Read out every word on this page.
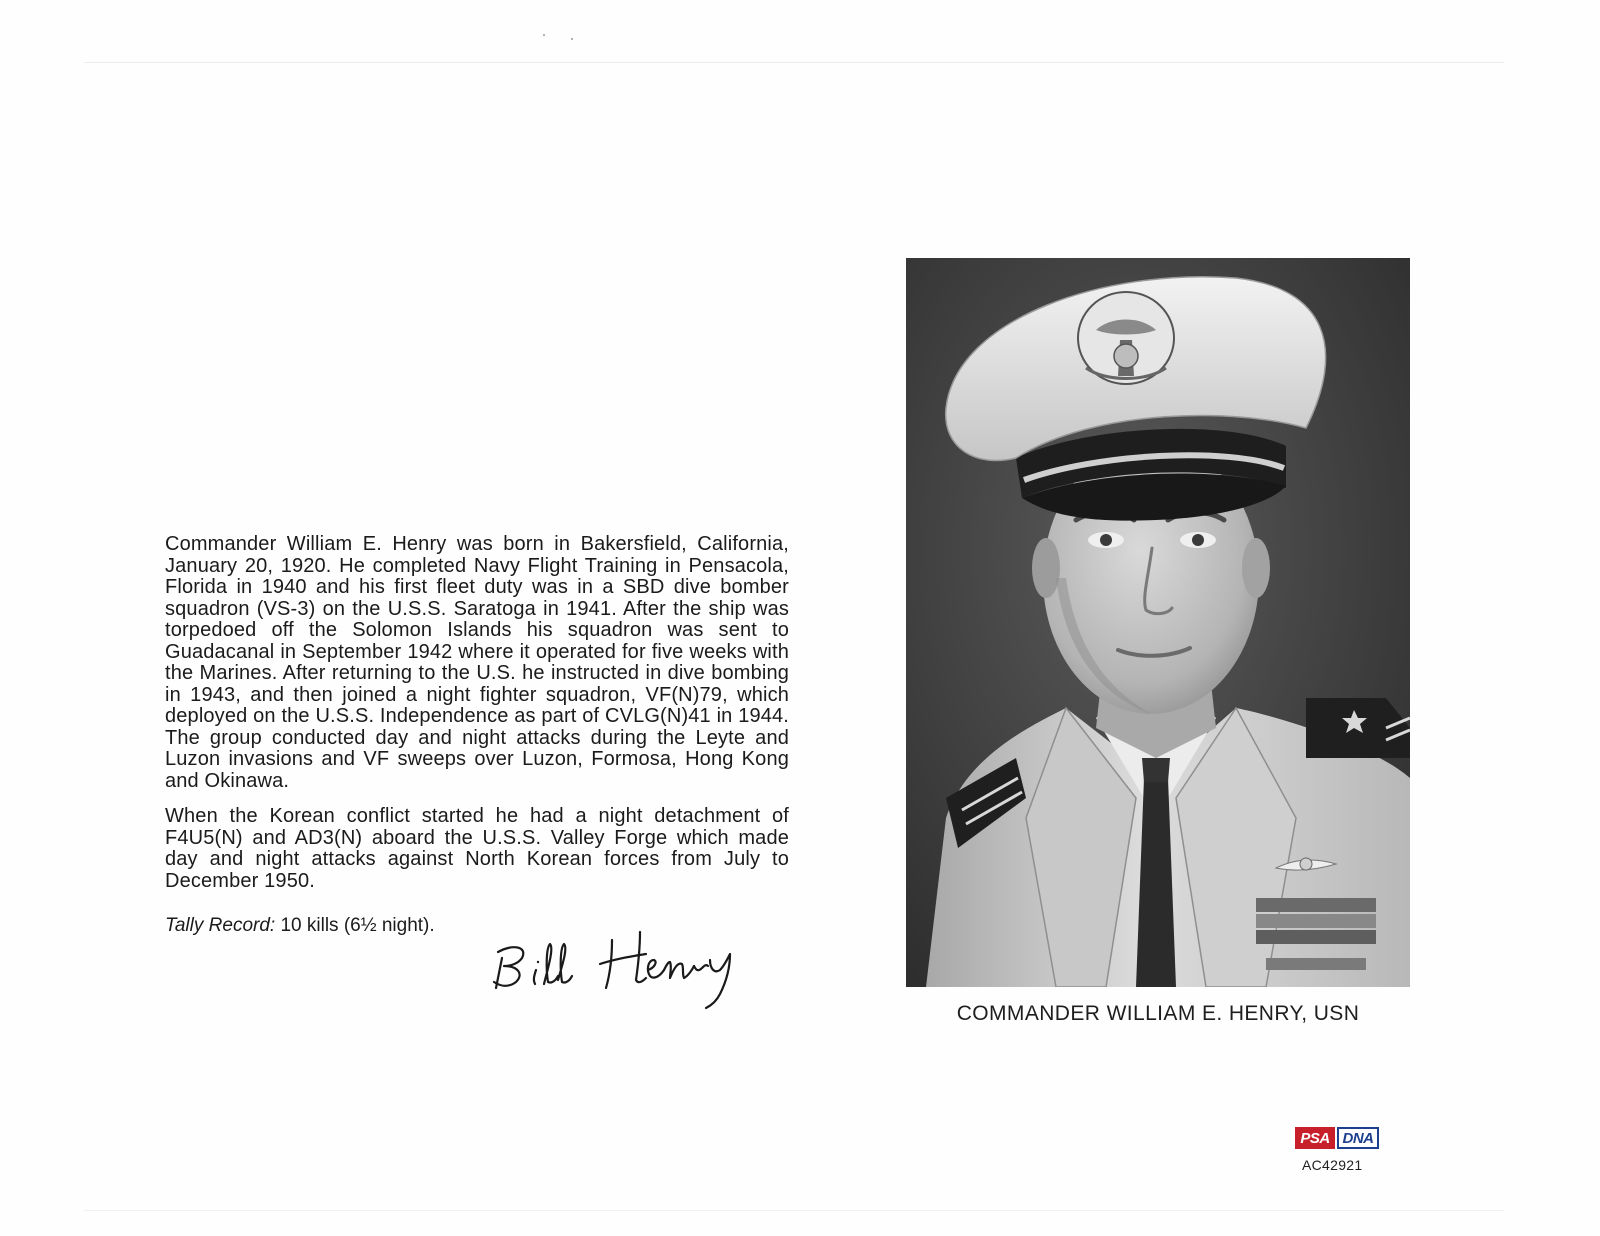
Commander William E. Henry was born in Bakersfield, California, January 20, 1920. He completed Navy Flight Training in Pensacola, Florida in 1940 and his first fleet duty was in a SBD dive bomber squadron (VS-3) on the U.S.S. Saratoga in 1941. After the ship was torpedoed off the Solomon Islands his squadron was sent to Guadacanal in September 1942 where it operated for five weeks with the Marines. After returning to the U.S. he instructed in dive bombing in 1943, and then joined a night fighter squadron, VF(N)79, which deployed on the U.S.S. Independence as part of CVLG(N)41 in 1944. The group conducted day and night attacks during the Leyte and Luzon invasions and VF sweeps over Luzon, Formosa, Hong Kong and Okinawa.

When the Korean conflict started he had a night detachment of F4U5(N) and AD3(N) aboard the U.S.S. Valley Forge which made day and night attacks against North Korean forces from July to December 1950.

Tally Record: 10 kills (6½ night).
COMMANDER WILLIAM E. HENRY, USN
PSA DNA
AC42921
